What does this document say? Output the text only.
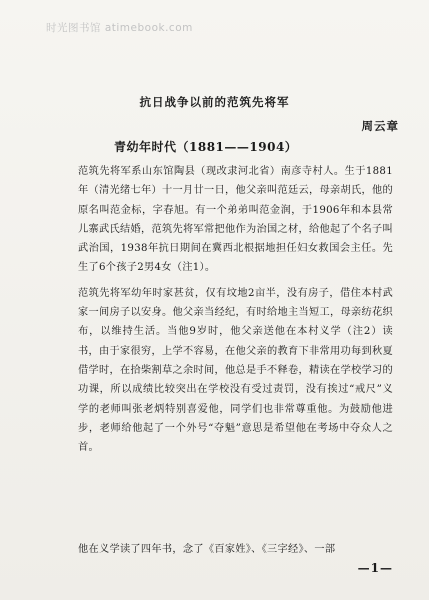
时光图书馆 atimebook.com
抗日战争以前的范筑先将军
周云章
青幼年时代（1881——1904）

范筑先将军系山东馆陶县（现改隶河北省）南彦寺村人。生于1881年（清光绪七年）十一月廿一日，他父亲叫范廷云，母亲胡氏，他的原名叫范金标，字春旭。有一个弟弟叫范金润，于1906年和本县常儿寨武氏结婚，范筑先将军常把他作为治国之材，给他起了个名子叫武治国，1938年抗日期间在冀西北根据地担任妇女救国会主任。先生了6个孩子2男4女（注1）。

范筑先将军幼年时家甚贫，仅有坟地2亩半，没有房子，借住本村武家一间房子以安身。他父亲当经纪，有时给地主当短工，母亲纺花织布，以维持生活。当他9岁时，他父亲送他在本村义学（注2）读书，由于家很穷，上学不容易，在他父亲的教育下非常用功每到秋夏借学时，在拾柴割草之余时间，他总是手不释卷，精读在学校学习的功课，所以成绩比较突出在学校没有受过责罚，没有挨过“戒尺”义学的老师叫张老炳特别喜爱他，同学们也非常尊重他。为鼓励他进步，老师给他起了一个外号“夺魁”意思是希望他在考场中夺众人之首。

他在义学读了四年书，念了《百家姓》、《三字经》、一部

—1—
